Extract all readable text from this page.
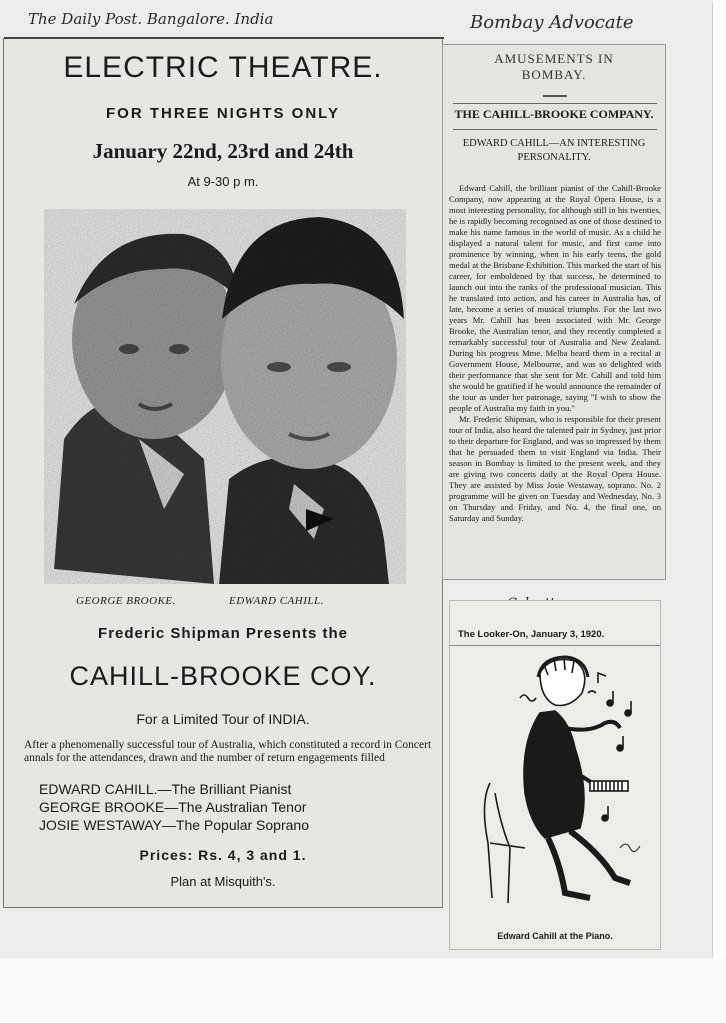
The Daily Post. Bangalore. India	Bombay Advocate
ELECTRIC THEATRE.
FOR THREE NIGHTS ONLY
January 22nd, 23rd and 24th
At 9-30 p m.
GEORGE BROOKE.	EDWARD CAHILL.
Frederic Shipman Presents the
CAHILL-BROOKE COY.
For a Limited Tour of INDIA.

After a phenomenally successful tour of Australia, which constituted a record in Concert annals for the attendances, drawn and the number of return engagements filled

EDWARD CAHILL.—The Brilliant Pianist

GEORGE BROOKE—The Australian Tenor

JOSIE WESTAWAY—The Popular Soprano

Prices: Rs. 4, 3 and 1.
Plan at Misquith's.

AMUSEMENTS IN
BOMBAY.

THE CAHILL-BROOKE COMPANY.

EDWARD CAHILL—AN INTERESTING
PERSONALITY.

Edward Cahill, the brilliant pianist of the Cahill-Brooke Company, now appearing at the Royal Opera House, is a most interesting personality, for although still in his twenties, he is rapidly becoming recognised as one of those destined to make his name famous in the world of music. As a child he displayed a natural talent for music, and first came into prominence by winning, when in his early teens, the gold medal at the Brisbane Exhibition. This marked the start of his career, for emboldened by that success, he determined to launch out into the ranks of the professional musician. This he translated into action, and his career in Australia has, of late, become a series of musical triumphs. For the last two years Mr. Cahill has been associated with Mr. George Brooke, the Australian tenor, and they recently completed a remarkably successful tour of Australia and New Zealand. During his progress Mme. Melba heard them in a recital at Government House, Melbourne, and was so delighted with their performance that she sent for Mr. Cahill and told him she would be gratified if he would announce the remainder of the tour as under her patronage, saying "I wish to show the people of Australia my faith in you."

Mr. Frederic Shipman, who is responsible for their present tour of India, also heard the talented pair in Sydney, just prior to their departure for England, and was so impressed by them that he persuaded them to visit England via India. Their season in Bombay is limited to the present week, and they are giving two concerts daily at the Royal Opera House. They are assisted by Miss Josie Westaway, soprano. No. 2 programme will be given on Tuesday and Wednesday, No. 3 on Thursday and Friday, and No. 4, the final one, on Saturday and Sunday.

The Looker-On, January 3, 1920.

Edward Cahill at the Piano.
